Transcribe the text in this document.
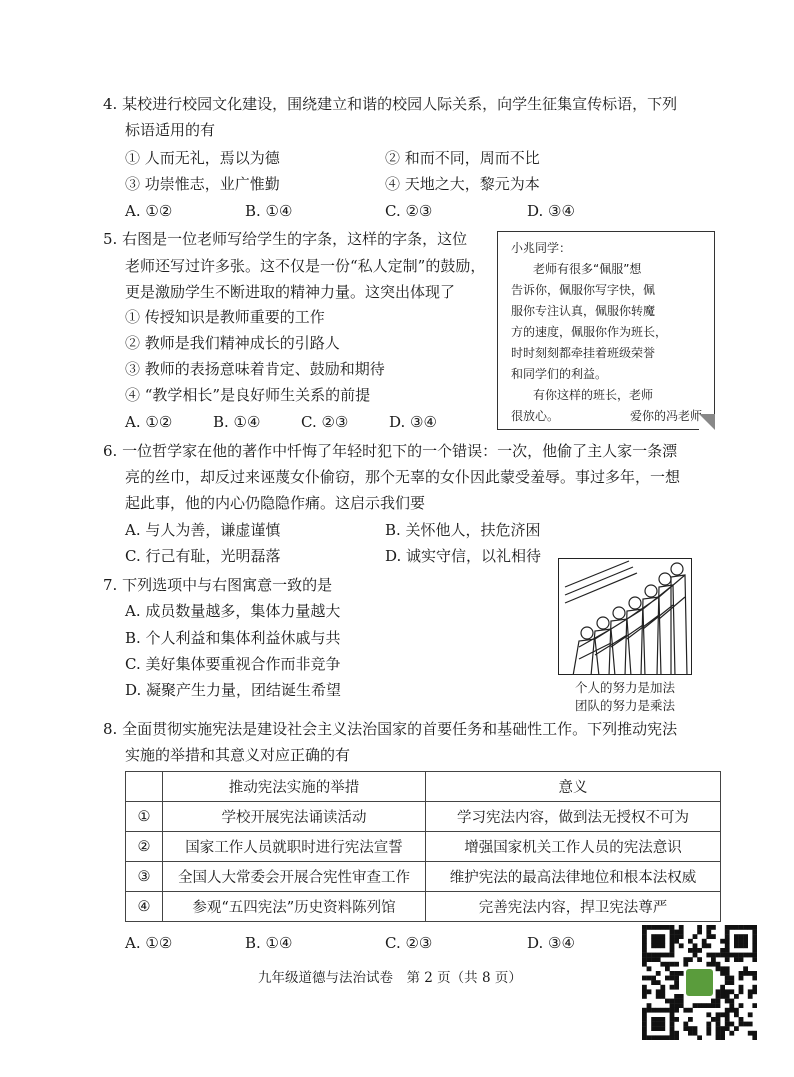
4. 某校进行校园文化建设，围绕建立和谐的校园人际关系，向学生征集宣传标语，下列
标语适用的有
① 人而无礼，焉以为德	② 和而不同，周而不比
③ 功崇惟志，业广惟勤	④ 天地之大，黎元为本
A. ①②	B. ①④	C. ②③	D. ③④
5. 右图是一位老师写给学生的字条，这样的字条，这位
老师还写过许多张。这不仅是一份“私人定制”的鼓励，
更是激励学生不断进取的精神力量。这突出体现了
① 传授知识是教师重要的工作
② 教师是我们精神成长的引路人
③ 教师的表扬意味着肯定、鼓励和期待
④ “教学相长”是良好师生关系的前提
A. ①②	B. ①④	C. ②③	D. ③④
小兆同学：
老师有很多“佩服”想
告诉你，佩服你写字快，佩
服你专注认真，佩服你转魔
方的速度，佩服你作为班长，
时时刻刻都牵挂着班级荣誉
和同学们的利益。
有你这样的班长，老师
很放心。	爱你的冯老师
6. 一位哲学家在他的著作中忏悔了年轻时犯下的一个错误：一次，他偷了主人家一条漂
亮的丝巾，却反过来诬蔑女仆偷窃，那个无辜的女仆因此蒙受羞辱。事过多年，一想
起此事，他的内心仍隐隐作痛。这启示我们要
A. 与人为善，谦虚谨慎	B. 关怀他人，扶危济困
C. 行己有耻，光明磊落	D. 诚实守信，以礼相待
7. 下列选项中与右图寓意一致的是
A. 成员数量越多，集体力量越大
B. 个人利益和集体利益休戚与共
C. 美好集体要重视合作而非竞争
D. 凝聚产生力量，团结诞生希望	个人的努力是加法
团队的努力是乘法
8. 全面贯彻实施宪法是建设社会主义法治国家的首要任务和基础性工作。下列推动宪法
实施的举措和其意义对应正确的有
	推动宪法实施的举措	意义
①	学校开展宪法诵读活动	学习宪法内容，做到法无授权不可为
②	国家工作人员就职时进行宪法宣誓	增强国家机关工作人员的宪法意识
③	全国人大常委会开展合宪性审查工作	维护宪法的最高法律地位和根本法权威
④	参观“五四宪法”历史资料陈列馆	完善宪法内容，捍卫宪法尊严
A. ①②	B. ①④	C. ②③	D. ③④
九年级道德与法治试卷　第 2 页（共 8 页）
